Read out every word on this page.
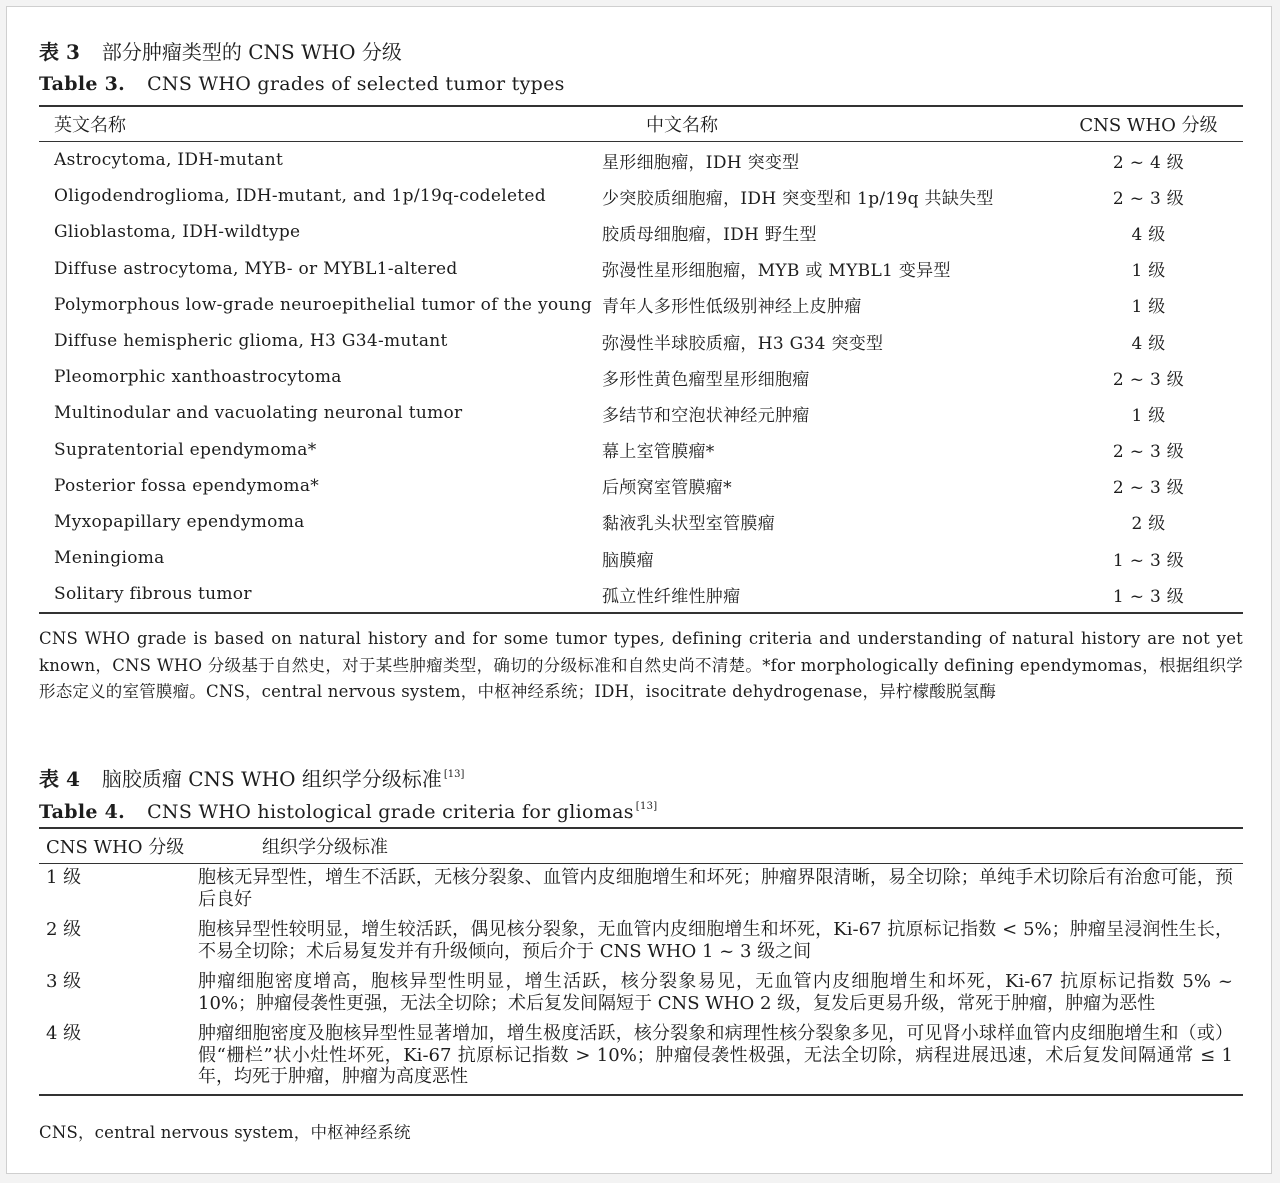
表 3 部分肿瘤类型的 CNS WHO 分级
Table 3. CNS WHO grades of selected tumor types
英文名称	中文名称	CNS WHO 分级
Astrocytoma, IDH-mutant	星形细胞瘤，IDH 突变型	2 ~ 4 级
Oligodendroglioma, IDH-mutant, and 1p/19q-codeleted	少突胶质细胞瘤，IDH 突变型和 1p/19q 共缺失型	2 ~ 3 级
Glioblastoma, IDH-wildtype	胶质母细胞瘤，IDH 野生型	4 级
Diffuse astrocytoma, MYB- or MYBL1-altered	弥漫性星形细胞瘤，MYB 或 MYBL1 变异型	1 级
Polymorphous low-grade neuroepithelial tumor of the young	青年人多形性低级别神经上皮肿瘤	1 级
Diffuse hemispheric glioma, H3 G34-mutant	弥漫性半球胶质瘤，H3 G34 突变型	4 级
Pleomorphic xanthoastrocytoma	多形性黄色瘤型星形细胞瘤	2 ~ 3 级
Multinodular and vacuolating neuronal tumor	多结节和空泡状神经元肿瘤	1 级
Supratentorial ependymoma*	幕上室管膜瘤*	2 ~ 3 级
Posterior fossa ependymoma*	后颅窝室管膜瘤*	2 ~ 3 级
Myxopapillary ependymoma	黏液乳头状型室管膜瘤	2 级
Meningioma	脑膜瘤	1 ~ 3 级
Solitary fibrous tumor	孤立性纤维性肿瘤	1 ~ 3 级
CNS WHO grade is based on natural history and for some tumor types, defining criteria and understanding of natural history are not yet known，CNS WHO 分级基于自然史，对于某些肿瘤类型，确切的分级标准和自然史尚不清楚。*for morphologically defining ependymomas，根据组织学形态定义的室管膜瘤。CNS，central nervous system，中枢神经系统；IDH，isocitrate dehydrogenase，异柠檬酸脱氢酶
表 4 脑胶质瘤 CNS WHO 组织学分级标准 [13]
Table 4. CNS WHO histological grade criteria for gliomas [13]
CNS WHO 分级	组织学分级标准
1 级	胞核无异型性，增生不活跃，无核分裂象、血管内皮细胞增生和坏死；肿瘤界限清晰，易全切除；单纯手术切除后有治愈可能，预后良好
2 级	胞核异型性较明显，增生较活跃，偶见核分裂象，无血管内皮细胞增生和坏死，Ki-67 抗原标记指数 < 5%；肿瘤呈浸润性生长，不易全切除；术后易复发并有升级倾向，预后介于 CNS WHO 1 ~ 3 级之间
3 级	肿瘤细胞密度增高，胞核异型性明显，增生活跃，核分裂象易见，无血管内皮细胞增生和坏死，Ki-67 抗原标记指数 5% ~ 10%；肿瘤侵袭性更强，无法全切除；术后复发间隔短于 CNS WHO 2 级，复发后更易升级，常死于肿瘤，肿瘤为恶性
4 级	肿瘤细胞密度及胞核异型性显著增加，增生极度活跃，核分裂象和病理性核分裂象多见，可见肾小球样血管内皮细胞增生和（或）假“栅栏”状小灶性坏死，Ki-67 抗原标记指数 > 10%；肿瘤侵袭性极强，无法全切除，病程进展迅速，术后复发间隔通常 ≤ 1 年，均死于肿瘤，肿瘤为高度恶性
CNS，central nervous system，中枢神经系统
